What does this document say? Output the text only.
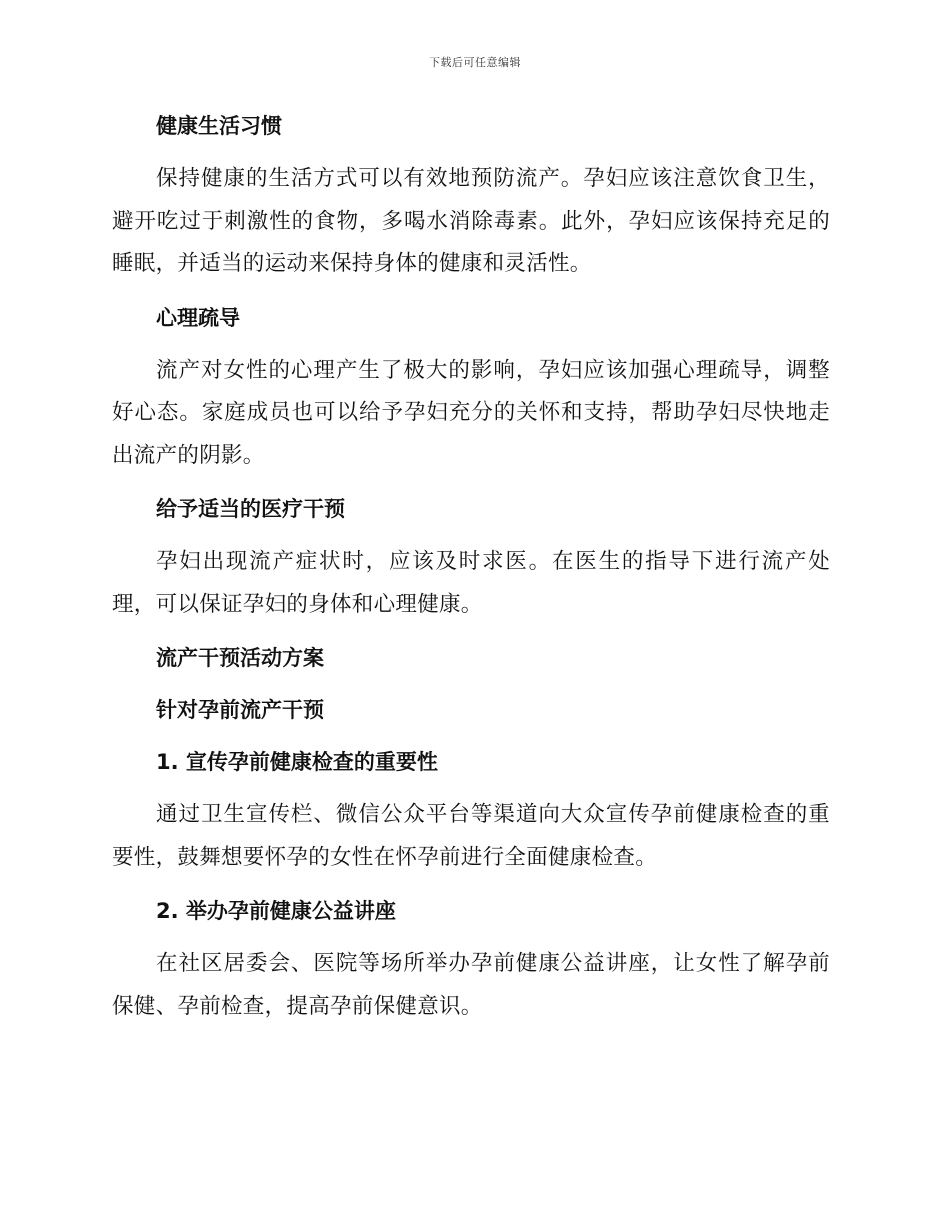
下载后可任意编辑
健康生活习惯

保持健康的生活方式可以有效地预防流产。孕妇应该注意饮食卫生，避开吃过于刺激性的食物，多喝水消除毒素。此外，孕妇应该保持充足的睡眠，并适当的运动来保持身体的健康和灵活性。

心理疏导

流产对女性的心理产生了极大的影响，孕妇应该加强心理疏导，调整好心态。家庭成员也可以给予孕妇充分的关怀和支持，帮助孕妇尽快地走出流产的阴影。

给予适当的医疗干预

孕妇出现流产症状时，应该及时求医。在医生的指导下进行流产处理，可以保证孕妇的身体和心理健康。

流产干预活动方案
针对孕前流产干预
1. 宣传孕前健康检查的重要性

通过卫生宣传栏、微信公众平台等渠道向大众宣传孕前健康检查的重要性，鼓舞想要怀孕的女性在怀孕前进行全面健康检查。

2. 举办孕前健康公益讲座

在社区居委会、医院等场所举办孕前健康公益讲座，让女性了解孕前保健、孕前检查，提高孕前保健意识。
